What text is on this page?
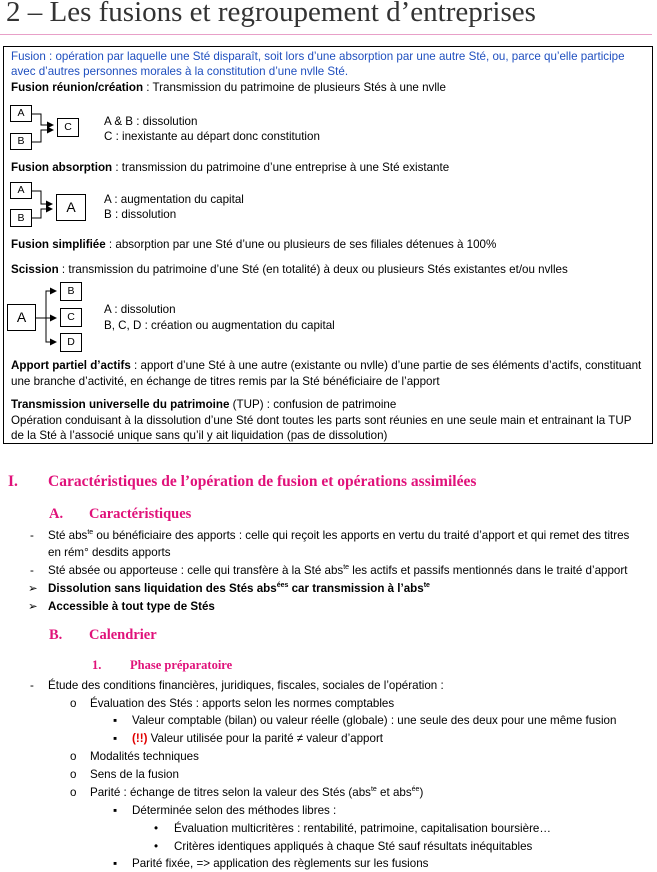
2 – Les fusions et regroupement d’entreprises
Fusion : opération par laquelle une Sté disparaît, soit lors d’une absorption par une autre Sté, ou, parce qu’elle participe
avec d’autres personnes morales à la constitution d’une nvlle Sté.
Fusion réunion/création : Transmission du patrimoine de plusieurs Stés à une nvlle
A
B
C	A & B : dissolution
C : inexistante au départ donc constitution
Fusion absorption : transmission du patrimoine d’une entreprise à une Sté existante
A
B
A	A : augmentation du capital
B : dissolution
Fusion simplifiée : absorption par une Sté d’une ou plusieurs de ses filiales détenues à 100%
Scission : transmission du patrimoine d’une Sté (en totalité) à deux ou plusieurs Stés existantes et/ou nvlles
A
B
C
D
A : dissolution
B, C, D : création ou augmentation du capital
Apport partiel d’actifs : apport d’une Sté à une autre (existante ou nvlle) d’une partie de ses éléments d’actifs, constituant
une branche d’activité, en échange de titres remis par la Sté bénéficiaire de l’apport
Transmission universelle du patrimoine (TUP) : confusion de patrimoine
Opération conduisant à la dissolution d’une Sté dont toutes les parts sont réunies en une seule main et entrainant la TUP
de la Sté à l’associé unique sans qu’il y ait liquidation (pas de dissolution)
I. Caractéristiques de l’opération de fusion et opérations assimilées
A. Caractéristiques
- Sté abs$^{te}$ ou bénéficiaire des apports : celle qui reçoit les apports en vertu du traité d’apport et qui remet des titres
en rém° desdits apports
- Sté absée ou apporteuse : celle qui transfère à la Sté abs$^{te}$ les actifs et passifs mentionnés dans le traité d’apport
➢ Dissolution sans liquidation des Stés abs$^{ées}$ car transmission à l’abs$^{te}$
➢ Accessible à tout type de Stés
B. Calendrier
1. Phase préparatoire
- Étude des conditions financières, juridiques, fiscales, sociales de l’opération :
o Évaluation des Stés : apports selon les normes comptables
▪ Valeur comptable (bilan) ou valeur réelle (globale) : une seule des deux pour une même fusion
▪ (!!) Valeur utilisée pour la parité ≠ valeur d’apport
o Modalités techniques
o Sens de la fusion
o Parité : échange de titres selon la valeur des Stés (abs$^{te}$ et abs$^{ée}$)
▪ Déterminée selon des méthodes libres :
• Évaluation multicritères : rentabilité, patrimoine, capitalisation boursière…
• Critères identiques appliqués à chaque Sté sauf résultats inéquitables
▪ Parité fixée, => application des règlements sur les fusions
